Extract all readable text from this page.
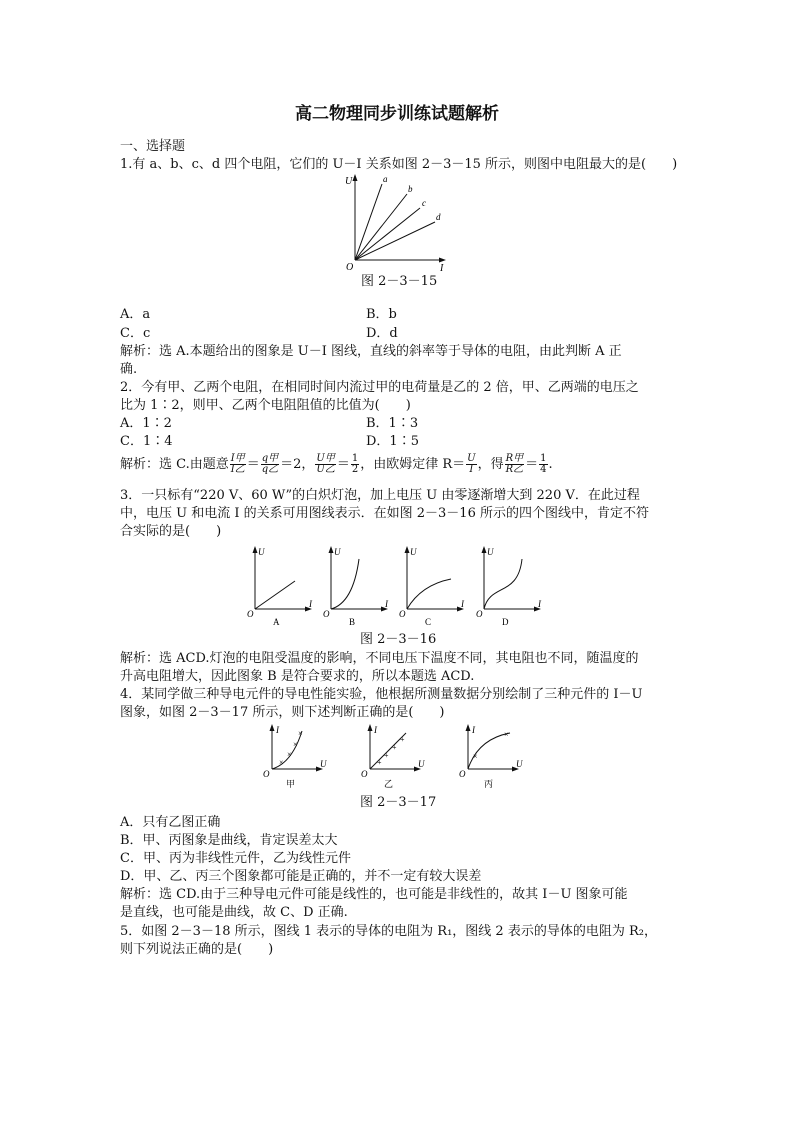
高二物理同步训练试题解析
一、选择题
1.有 a、b、c、d 四个电阻，它们的 U－I 关系如图 2－3－15 所示，则图中电阻最大的是(　　)
U
I
O
a
b
c
d
图 2－3－15
A．a	B．b
C．c	D．d
解析：选 A.本题给出的图象是 U－I 图线，直线的斜率等于导体的电阻，由此判断 A 正
确.
2．今有甲、乙两个电阻，在相同时间内流过甲的电荷量是乙的 2 倍，甲、乙两端的电压之
比为 1∶2，则甲、乙两个电阻阻值的比值为(　　)
A．1∶2	B．1∶3
C．1∶4	D．1∶5
解析：选 C.由题意 $\frac{\text{I甲}}{\text{I乙}} = \frac{\text{q甲}}{\text{q乙}} =2$， $\frac{\text{U甲}}{\text{U乙}} = \frac{1}{2}$ ，由欧姆定律 $R= \frac{U}{I}$ ，得 $\frac{\text{R甲}}{\text{R乙}} = \frac{1}{4}$ .
3．一只标有“220 V、60 W”的白炽灯泡，加上电压 U 由零逐渐增大到 220 V．在此过程
中，电压 U 和电流 I 的关系可用图线表示．在如图 2－3－16 所示的四个图线中，肯定不符
合实际的是(　　)
U
I
O
A
U
I
O
B
U
I
O
C
U
I
O
D
图 2－3－16
解析：选 ACD.灯泡的电阻受温度的影响，不同电压下温度不同，其电阻也不同，随温度的
升高电阻增大，因此图象 B 是符合要求的，所以本题选 ACD.
4．某同学做三种导电元件的导电性能实验，他根据所测量数据分别绘制了三种元件的 I－U
图象，如图 2－3－17 所示，则下述判断正确的是(　　)
I
U
O
×
×
×
×
甲
I
U
O
+
+
+
+
乙
I
U
O
×
×
丙
图 2－3－17
A．只有乙图正确
B．甲、丙图象是曲线，肯定误差太大
C．甲、丙为非线性元件，乙为线性元件
D．甲、乙、丙三个图象都可能是正确的，并不一定有较大误差
解析：选 CD.由于三种导电元件可能是线性的，也可能是非线性的，故其 I－U 图象可能
是直线，也可能是曲线，故 C、D 正确.
5．如图 2－3－18 所示，图线 1 表示的导体的电阻为 R₁，图线 2 表示的导体的电阻为 R₂，
则下列说法正确的是(　　)
